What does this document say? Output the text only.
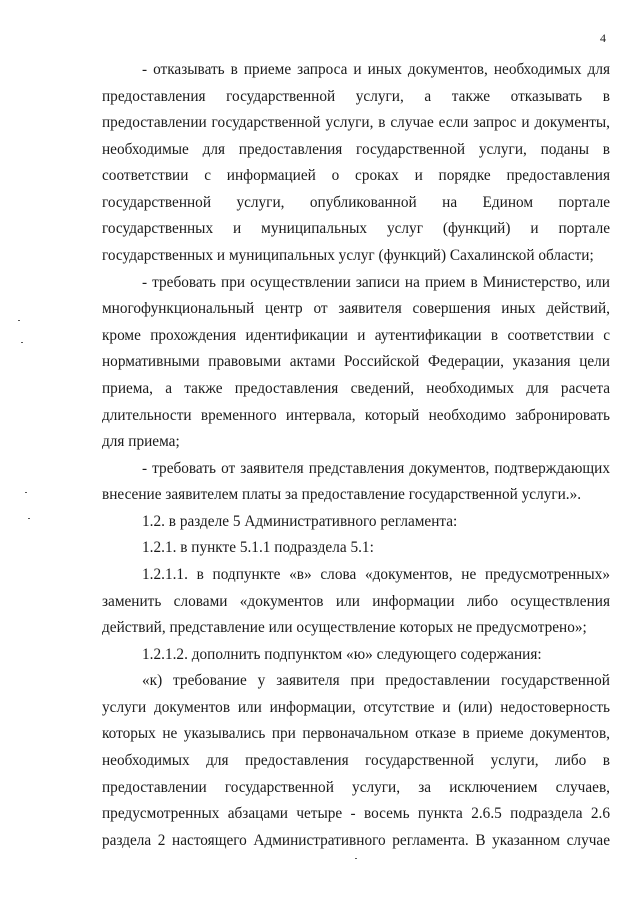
4
- отказывать в приеме запроса и иных документов, необходимых для
предоставления государственной услуги, а также отказывать в
предоставлении государственной услуги, в случае если запрос и документы,
необходимые для предоставления государственной услуги, поданы в
соответствии с информацией о сроках и порядке предоставления
государственной услуги, опубликованной на Едином портале
государственных и муниципальных услуг (функций) и портале
государственных и муниципальных услуг (функций) Сахалинской области;
- требовать при осуществлении записи на прием в Министерство, или
многофункциональный центр от заявителя совершения иных действий,
кроме прохождения идентификации и аутентификации в соответствии с
нормативными правовыми актами Российской Федерации, указания цели
приема, а также предоставления сведений, необходимых для расчета
длительности временного интервала, который необходимо забронировать
для приема;
- требовать от заявителя представления документов, подтверждающих
внесение заявителем платы за предоставление государственной услуги.».
1.2. в разделе 5 Административного регламента:
1.2.1. в пункте 5.1.1 подраздела 5.1:
1.2.1.1. в подпункте «в» слова «документов, не предусмотренных»
заменить словами «документов или информации либо осуществления
действий, представление или осуществление которых не предусмотрено»;
1.2.1.2. дополнить подпунктом «ю» следующего содержания:
«к) требование у заявителя при предоставлении государственной
услуги документов или информации, отсутствие и (или) недостоверность
которых не указывались при первоначальном отказе в приеме документов,
необходимых для предоставления государственной услуги, либо в
предоставлении государственной услуги, за исключением случаев,
предусмотренных абзацами четыре - восемь пункта 2.6.5 подраздела 2.6
раздела 2 настоящего Административного регламента. В указанном случае
